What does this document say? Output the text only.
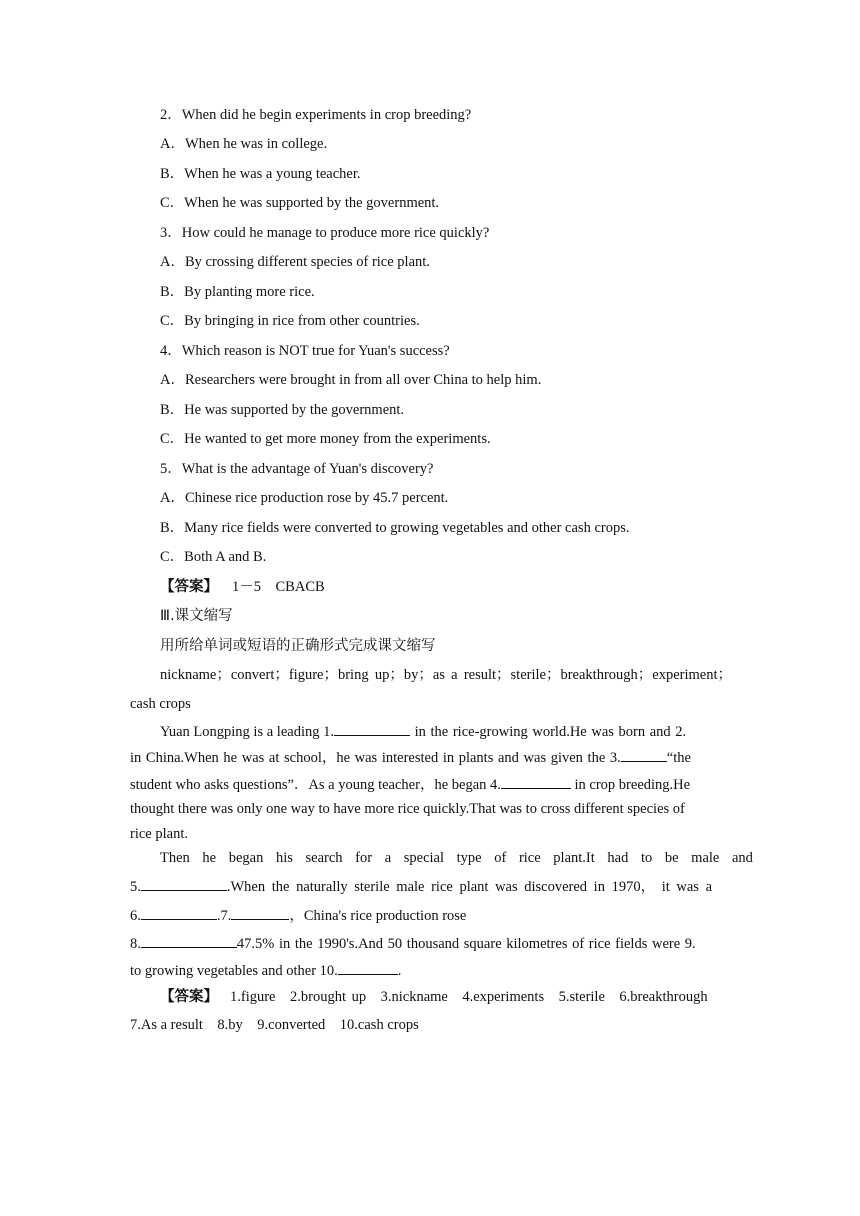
2．When did he begin experiments in crop breeding?
A．When he was in college.
B．When he was a young teacher.
C．When he was supported by the government.
3．How could he manage to produce more rice quickly?
A．By crossing different species of rice plant.
B．By planting more rice.
C．By bringing in rice from other countries.
4．Which reason is NOT true for Yuan's success?
A．Researchers were brought in from all over China to help him.
B．He was supported by the government.
C．He wanted to get more money from the experiments.
5．What is the advantage of Yuan's discovery?
A．Chinese rice production rose by 45.7 percent.
B．Many rice fields were converted to growing vegetables and other cash crops.
C．Both A and B.
【答案】 1－5　CBACB
Ⅲ.课文缩写
用所给单词或短语的正确形式完成课文缩写
nickname；convert；figure；bring up；by；as a result；sterile；breakthrough；experiment；
cash crops
Yuan Longping is a leading 1.	in the rice-growing world.He was born and 2.
in China.When he was at school，he was interested in plants and was given the 3.	“the
student who asks questions”．As a young teacher，he began 4.	in crop breeding.He
thought there was only one way to have more rice quickly.That was to cross different species of
rice plant.
Then he began his search for a special type of rice plant.It had to be male and
5.	.When the naturally sterile male rice plant was discovered in 1970， it was a
6.	.7.	，China's rice production rose
8.	47.5% in the 1990's.And 50 thousand square kilometres of rice fields were 9.
to growing vegetables and other 10.	.
【答案】 1.figure　2.brought up　3.nickname　4.experiments　5.sterile　6.breakthrough
7.As a result　8.by　9.converted　10.cash crops
